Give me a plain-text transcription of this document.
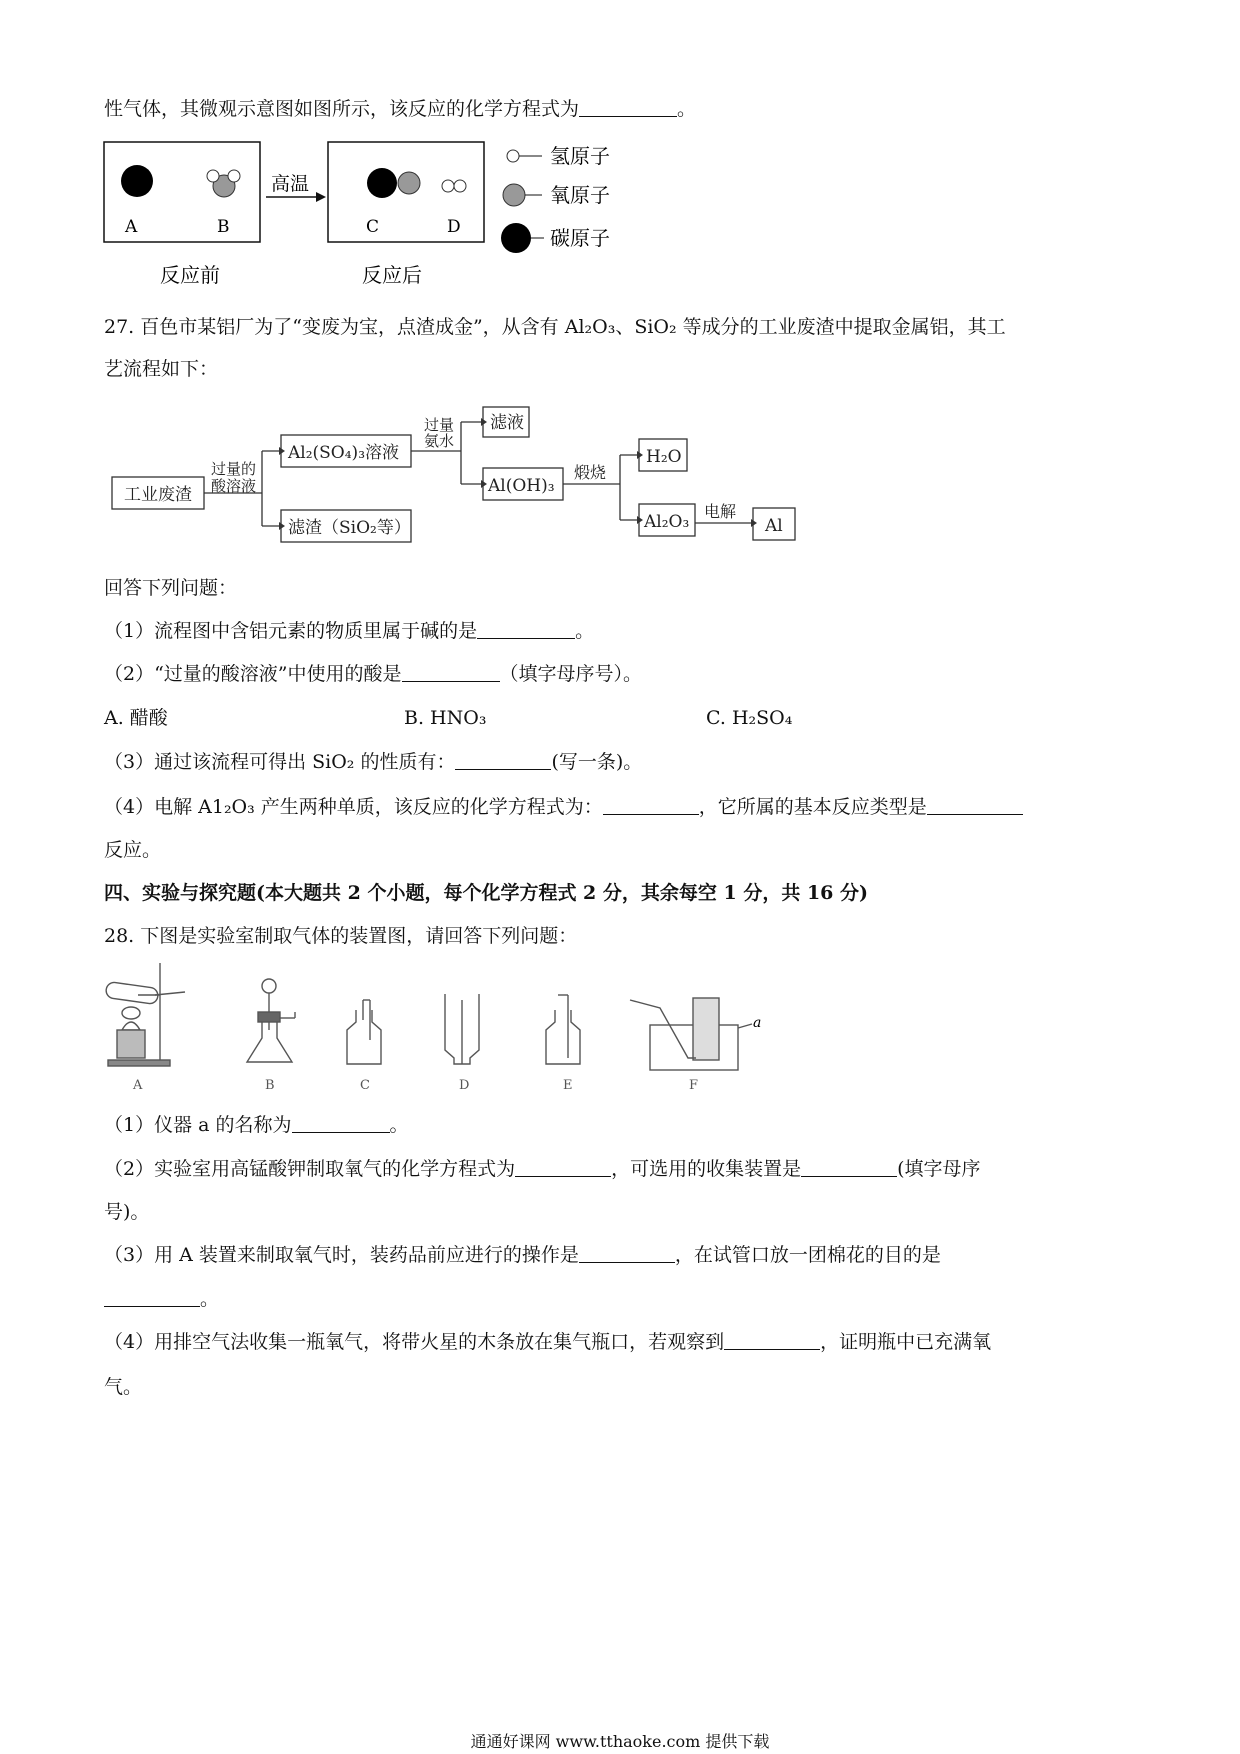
性气体，其微观示意图如图所示，该反应的化学方程式为	。
A	B
高温
C	D
反应前	反应后
氢原子
氧原子
碳原子
27. 百色市某铝厂为了“变废为宝，点渣成金”，从含有 Al₂O₃、SiO₂ 等成分的工业废渣中提取金属铝，其工
艺流程如下：
工业废渣
过量的
酸溶液
Al₂(SO₄)₃溶液
滤渣（SiO₂等）
过量
氨水
滤液
Al(OH)₃
煅烧
H₂O
Al₂O₃
电解
Al
回答下列问题：
（1）流程图中含铝元素的物质里属于碱的是	。
（2）“过量的酸溶液”中使用的酸是	（填字母序号）。
A. 醋酸	B. HNO₃	C. H₂SO₄
（3）通过该流程可得出 SiO₂ 的性质有：	(写一条)。
（4）电解 A1₂O₃ 产生两种单质，该反应的化学方程式为：	，它所属的基本反应类型是
反应。
四、实验与探究题(本大题共 2 个小题，每个化学方程式 2 分，其余每空 1 分，共 16 分)
28. 下图是实验室制取气体的装置图，请回答下列问题：
a
A	B	C	D	E	F
（1）仪器 a 的名称为	。
（2）实验室用高锰酸钾制取氧气的化学方程式为	，可选用的收集装置是	(填字母序
号)。
（3）用 A 装置来制取氧气时，装药品前应进行的操作是	，在试管口放一团棉花的目的是
。
（4）用排空气法收集一瓶氧气，将带火星的木条放在集气瓶口，若观察到	，证明瓶中已充满氧
气。
通通好课网 www.tthaoke.com 提供下载
